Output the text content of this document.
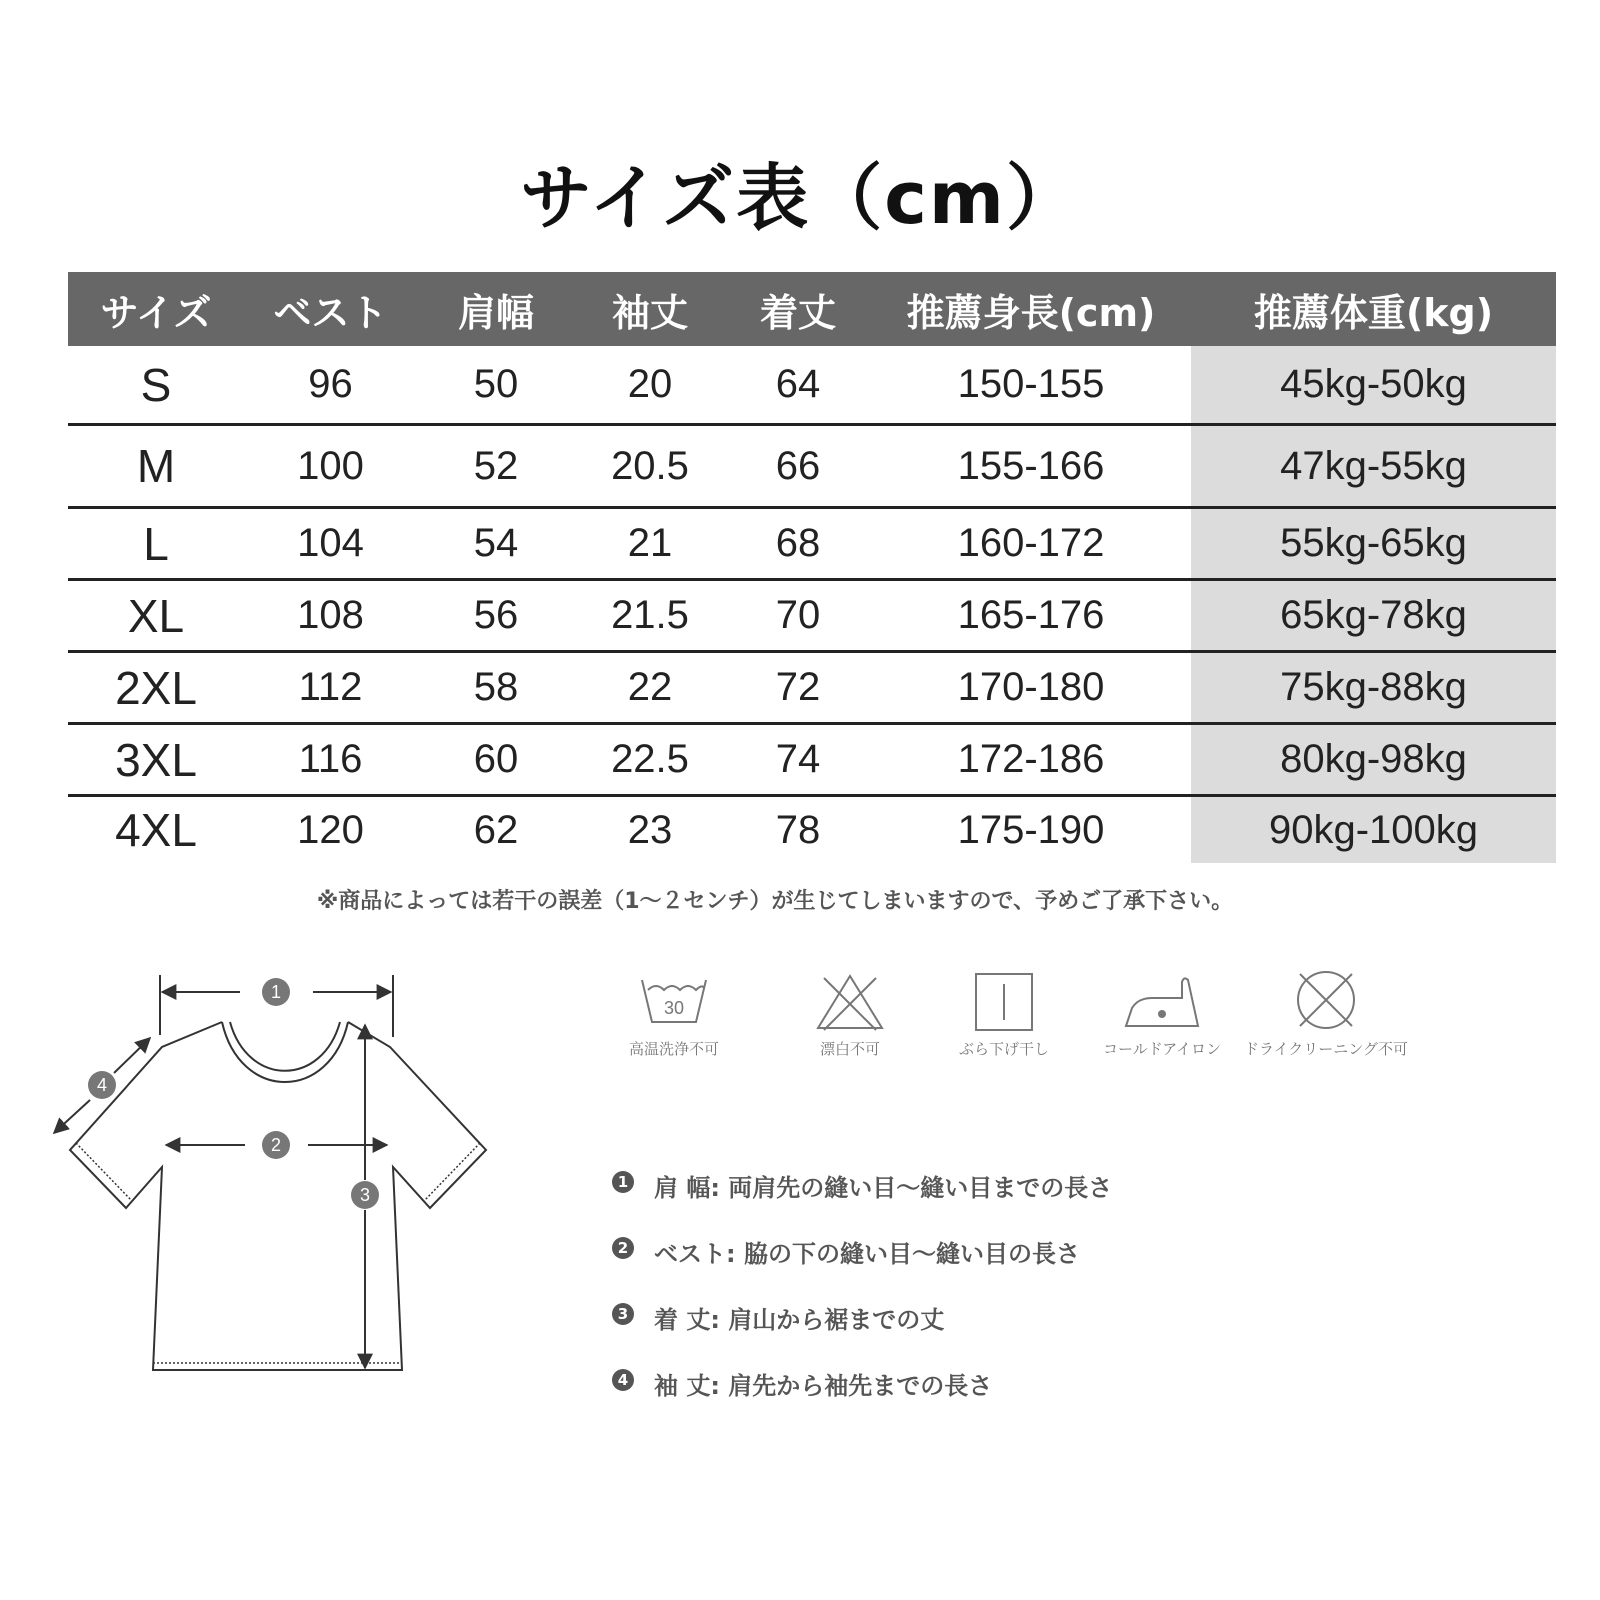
サイズ表（cm）
サイズ	ベスト	肩幅	袖丈	着丈	推薦身長(cm)	推薦体重(kg)
S	96	50	20	64	150-155	45kg-50kg
M	100	52	20.5	66	155-166	47kg-55kg
L	104	54	21	68	160-172	55kg-65kg
XL	108	56	21.5	70	165-176	65kg-78kg
2XL	112	58	22	72	170-180	75kg-88kg
3XL	116	60	22.5	74	172-186	80kg-98kg
4XL	120	62	23	78	175-190	90kg-100kg
※商品によっては若干の誤差（1～２センチ）が生じてしまいますので、予めご了承下さい。
1
2
3
4
30
高温洗浄不可	漂白不可	ぶら下げ干し	コールドアイロン	ドライクリーニング不可
1 肩 幅: 両肩先の縫い目～縫い目までの長さ
2 ベスト: 脇の下の縫い目～縫い目の長さ
3 着 丈: 肩山から裾までの丈
4 袖 丈: 肩先から袖先までの長さ
